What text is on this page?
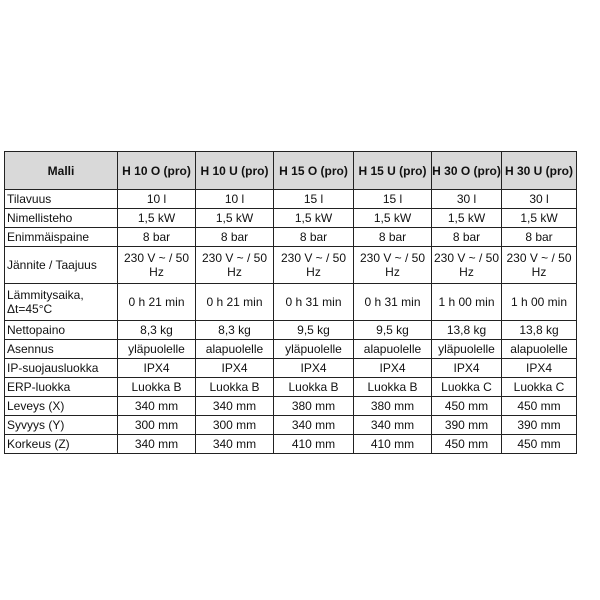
Malli	H 10 O (pro)	H 10 U (pro)	H 15 O (pro)	H 15 U (pro)	H 30 O (pro)	H 30 U (pro)
Tilavuus	10 l	10 l	15 l	15 l	30 l	30 l
Nimellisteho	1,5 kW	1,5 kW	1,5 kW	1,5 kW	1,5 kW	1,5 kW
Enimmäispaine	8 bar	8 bar	8 bar	8 bar	8 bar	8 bar
Jännite / Taajuus	230 V ~ / 50 Hz	230 V ~ / 50 Hz	230 V ~ / 50 Hz	230 V ~ / 50 Hz	230 V ~ / 50 Hz	230 V ~ / 50 Hz
Lämmitysaika, Δt=45°C	0 h 21 min	0 h 21 min	0 h 31 min	0 h 31 min	1 h 00 min	1 h 00 min
Nettopaino	8,3 kg	8,3 kg	9,5 kg	9,5 kg	13,8 kg	13,8 kg
Asennus	yläpuolelle	alapuolelle	yläpuolelle	alapuolelle	yläpuolelle	alapuolelle
IP-suojausluokka	IPX4	IPX4	IPX4	IPX4	IPX4	IPX4
ERP-luokka	Luokka B	Luokka B	Luokka B	Luokka B	Luokka C	Luokka C
Leveys (X)	340 mm	340 mm	380 mm	380 mm	450 mm	450 mm
Syvyys (Y)	300 mm	300 mm	340 mm	340 mm	390 mm	390 mm
Korkeus (Z)	340 mm	340 mm	410 mm	410 mm	450 mm	450 mm
